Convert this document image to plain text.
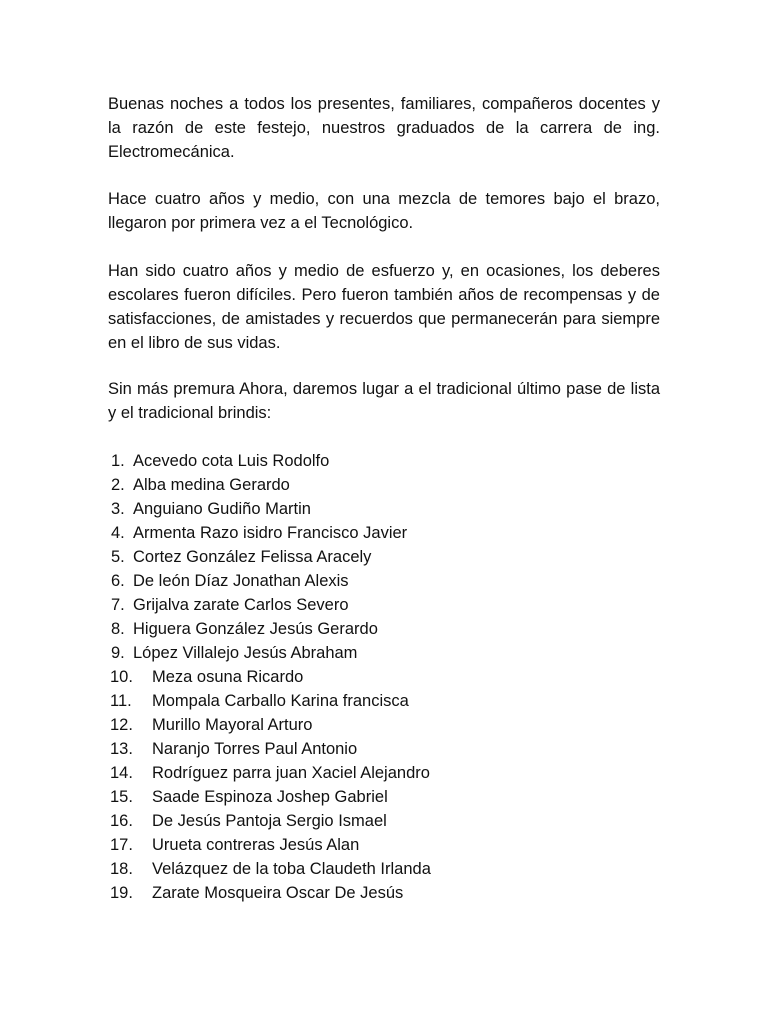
Buenas noches a todos los presentes, familiares, compañeros docentes y la razón de este festejo, nuestros graduados de la carrera de ing. Electromecánica.

Hace cuatro años y medio, con una mezcla de temores bajo el brazo, llegaron por primera vez a el Tecnológico.

Han sido cuatro años y medio de esfuerzo y, en ocasiones, los deberes escolares fueron difíciles. Pero fueron también años de recompensas y de satisfacciones, de amistades y recuerdos que permanecerán para siempre en el libro de sus vidas.

Sin más premura Ahora, daremos lugar a el tradicional último pase de lista y el tradicional brindis:

1. Acevedo cota Luis Rodolfo
2. Alba medina Gerardo
3. Anguiano Gudiño Martin
4. Armenta Razo isidro Francisco Javier
5. Cortez González Felissa Aracely
6. De león Díaz Jonathan Alexis
7. Grijalva zarate Carlos Severo
8. Higuera González Jesús Gerardo
9. López Villalejo Jesús Abraham
10. Meza osuna Ricardo
11. Mompala Carballo Karina francisca
12. Murillo Mayoral Arturo
13. Naranjo Torres Paul Antonio
14. Rodríguez parra juan Xaciel Alejandro
15. Saade Espinoza Joshep Gabriel
16. De Jesús Pantoja Sergio Ismael
17. Urueta contreras Jesús Alan
18. Velázquez de la toba Claudeth Irlanda
19. Zarate Mosqueira Oscar De Jesús
